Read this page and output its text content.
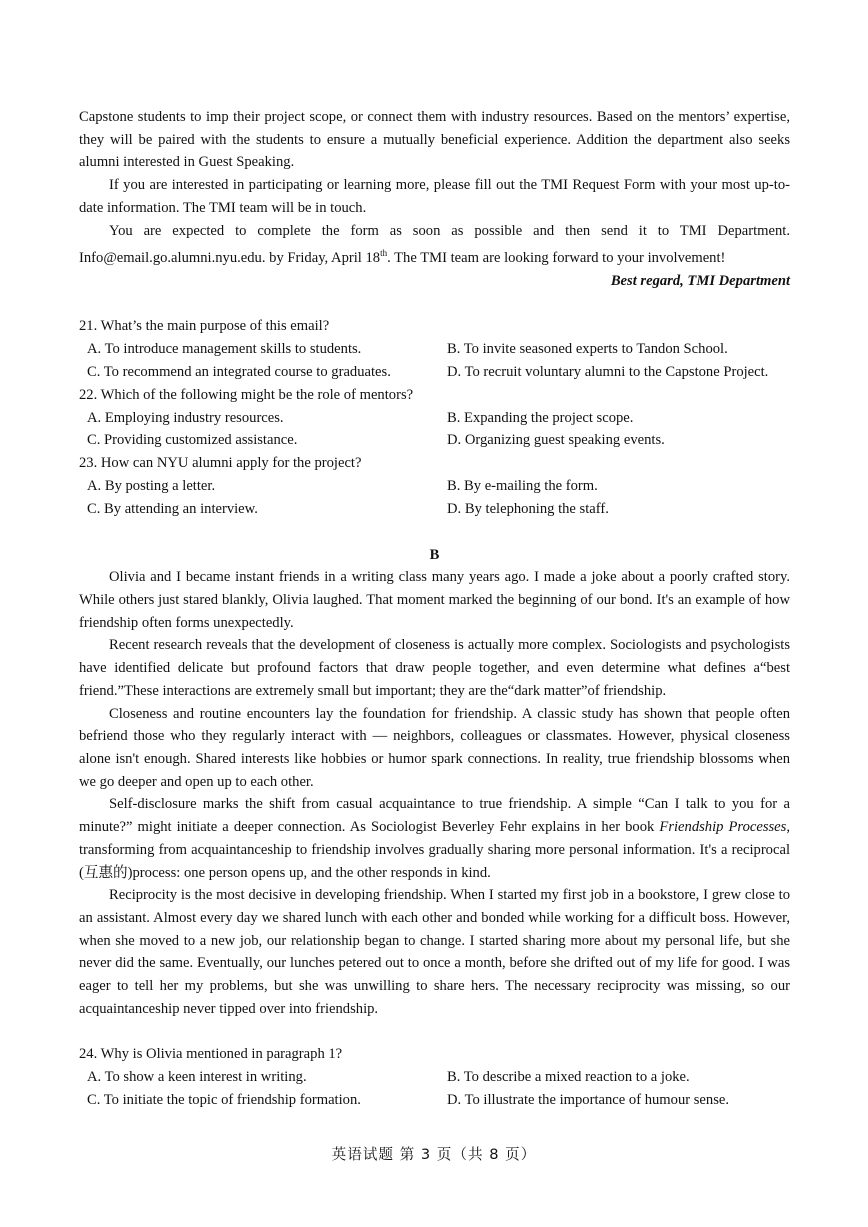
Capstone students to imp their project scope, or connect them with industry resources. Based on the mentors’ expertise, they will be paired with the students to ensure a mutually beneficial experience. Addition the department also seeks alumni interested in Guest Speaking.

If you are interested in participating or learning more, please fill out the TMI Request Form with your most up-to-date information. The TMI team will be in touch.

You are expected to complete the form as soon as possible and then send it to TMI Department. Info@email.go.alumni.nyu.edu. by Friday, April 18th. The TMI team are looking forward to your involvement!

Best regard, TMI Department
21. What’s the main purpose of this email?
A. To introduce management skills to students.	B. To invite seasoned experts to Tandon School.
C. To recommend an integrated course to graduates.	D. To recruit voluntary alumni to the Capstone Project.
22. Which of the following might be the role of mentors?
A. Employing industry resources.	B. Expanding the project scope.
C. Providing customized assistance.	D. Organizing guest speaking events.
23. How can NYU alumni apply for the project?
A. By posting a letter.	B. By e-mailing the form.
C. By attending an interview.	D. By telephoning the staff.
B

Olivia and I became instant friends in a writing class many years ago. I made a joke about a poorly crafted story. While others just stared blankly, Olivia laughed. That moment marked the beginning of our bond. It's an example of how friendship often forms unexpectedly.

Recent research reveals that the development of closeness is actually more complex. Sociologists and psychologists have identified delicate but profound factors that draw people together, and even determine what defines a“best friend.”These interactions are extremely small but important; they are the“dark matter”of friendship.

Closeness and routine encounters lay the foundation for friendship. A classic study has shown that people often befriend those who they regularly interact with — neighbors, colleagues or classmates. However, physical closeness alone isn't enough. Shared interests like hobbies or humor spark connections. In reality, true friendship blossoms when we go deeper and open up to each other.

Self-disclosure marks the shift from casual acquaintance to true friendship. A simple “Can I talk to you for a minute?” might initiate a deeper connection. As Sociologist Beverley Fehr explains in her book Friendship Processes, transforming from acquaintanceship to friendship involves gradually sharing more personal information. It's a reciprocal (互惠的)process: one person opens up, and the other responds in kind.

Reciprocity is the most decisive in developing friendship. When I started my first job in a bookstore, I grew close to an assistant. Almost every day we shared lunch with each other and bonded while working for a difficult boss. However, when she moved to a new job, our relationship began to change. I started sharing more about my personal life, but she never did the same. Eventually, our lunches petered out to once a month, before she drifted out of my life for good. I was eager to tell her my problems, but she was unwilling to share hers. The necessary reciprocity was missing, so our acquaintanceship never tipped over into friendship.

24. Why is Olivia mentioned in paragraph 1?
A. To show a keen interest in writing.	B. To describe a mixed reaction to a joke.
C. To initiate the topic of friendship formation.	D. To illustrate the importance of humour sense.
英语试题 第 3 页（共 8 页）
